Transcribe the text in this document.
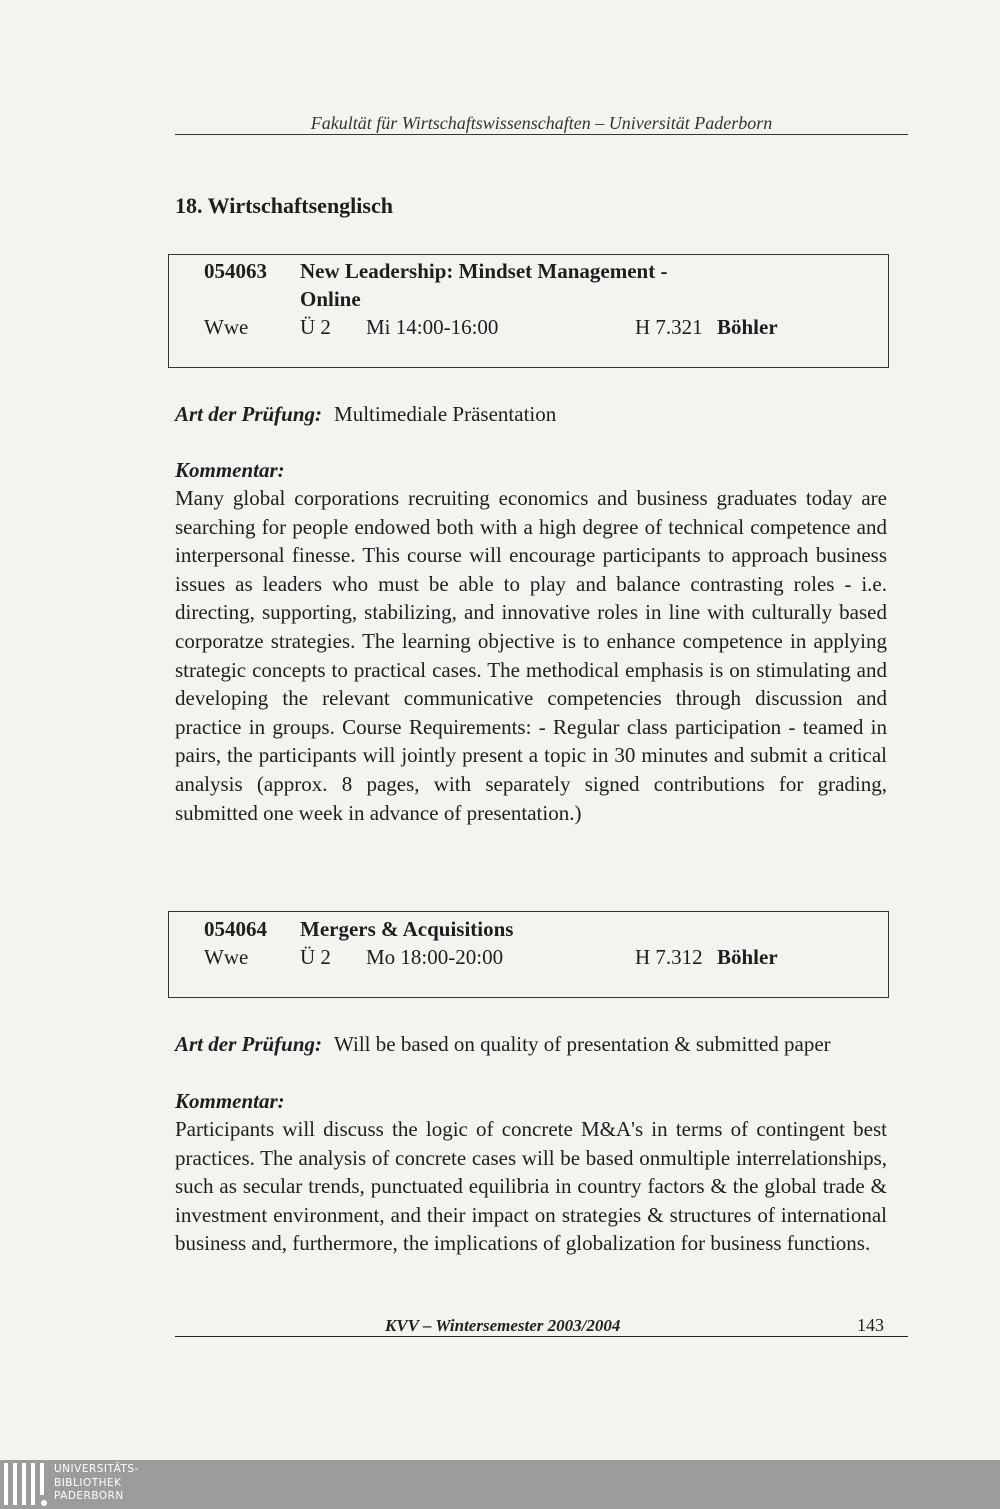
Fakultät für Wirtschaftswissenschaften – Universität Paderborn
18. Wirtschaftsenglisch
054063 New Leadership: Mindset Management -
Online
Wwe Ü 2 Mi 14:00-16:00	H 7.321 Böhler
Art der Prüfung: Multimediale Präsentation
Kommentar:
Many global corporations recruiting economics and business graduates today are searching for people endowed both with a high degree of technical competence and interpersonal finesse. This course will encourage participants to approach business issues as leaders who must be able to play and balance contrasting roles - i.e. directing, supporting, stabilizing, and innovative roles in line with culturally based corporatze strategies. The learning objective is to enhance competence in applying strategic concepts to practical cases. The methodical emphasis is on stimulating and developing the relevant communicative competencies through discussion and practice in groups. Course Requirements: - Regular class participation - teamed in pairs, the participants will jointly present a topic in 30 minutes and submit a critical analysis (approx. 8 pages, with separately signed contributions for grading, submitted one week in advance of presentation.)
054064 Mergers & Acquisitions
Wwe Ü 2 Mo 18:00-20:00	H 7.312 Böhler
Art der Prüfung: Will be based on quality of presentation & submitted paper
Kommentar:
Participants will discuss the logic of concrete M&A's in terms of contingent best practices. The analysis of concrete cases will be based onmultiple interrelationships, such as secular trends, punctuated equilibria in country factors & the global trade & investment environment, and their impact on strategies & structures of international business and, furthermore, the implications of globalization for business functions.
KVV – Wintersemester 2003/2004	143
UNIVERSITÄTS-
BIBLIOTHEK
PADERBORN
